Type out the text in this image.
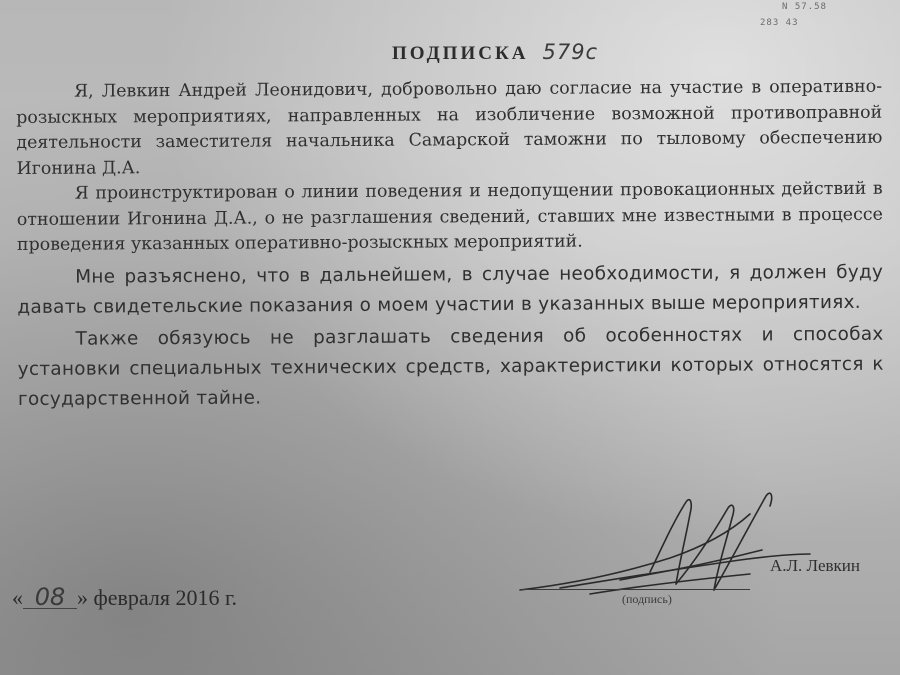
N 57.58
283 43
ПОДПИСКА 579с

Я, Левкин Андрей Леонидович, добровольно даю согласие на участие в оперативно-розыскных мероприятиях, направленных на изобличение возможной противоправной деятельности заместителя начальника Самарской таможни по тыловому обеспечению Игонина Д.А.

Я проинструктирован о линии поведения и недопущении провокационных действий в отношении Игонина Д.А., о не разглашения сведений, ставших мне известными в процессе проведения указанных оперативно-розыскных мероприятий.

Мне разъяснено, что в дальнейшем, в случае необходимости, я должен буду давать свидетельские показания о моем участии в указанных выше мероприятиях.

Также обязуюсь не разглашать сведения об особенностях и способах установки специальных технических средств, характеристики которых относятся к государственной тайне.

А.Л. Левкин
(подпись)
« 08 » февраля 2016 г.
